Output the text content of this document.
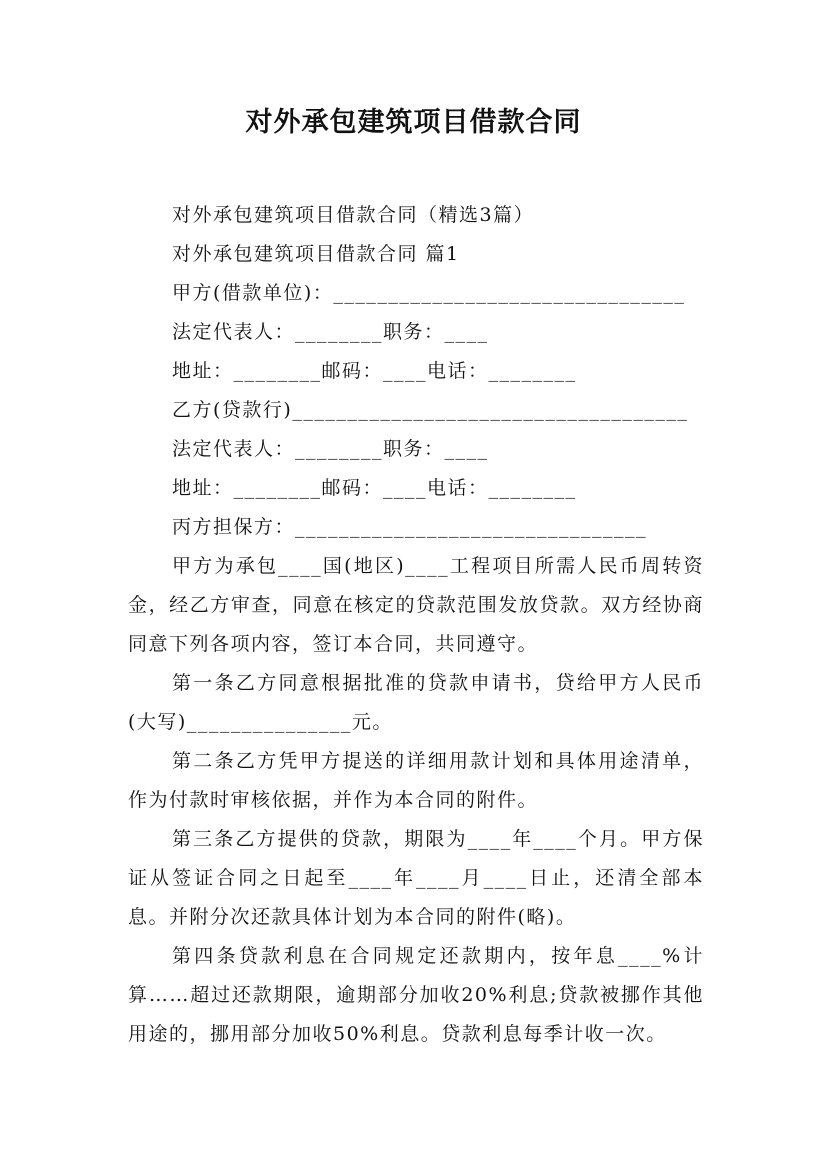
对外承包建筑项目借款合同
对外承包建筑项目借款合同（精选3篇）
对外承包建筑项目借款合同 篇1
甲方(借款单位)：________________________________
法定代表人：________职务：____
地址：________邮码：____电话：________
乙方(贷款行)____________________________________
法定代表人：________职务：____
地址：________邮码：____电话：________
丙方担保方：________________________________
甲方为承包____国(地区)____工程项目所需人民币周转资金，经乙方审查，同意在核定的贷款范围发放贷款。双方经协商同意下列各项内容，签订本合同，共同遵守。
第一条乙方同意根据批准的贷款申请书，贷给甲方人民币(大写)_______________元。
第二条乙方凭甲方提送的详细用款计划和具体用途清单，作为付款时审核依据，并作为本合同的附件。
第三条乙方提供的贷款，期限为____年____个月。甲方保证从签证合同之日起至____年____月____日止，还清全部本息。并附分次还款具体计划为本合同的附件(略)。
第四条贷款利息在合同规定还款期内，按年息____%计算……超过还款期限，逾期部分加收20%利息;贷款被挪作其他用途的，挪用部分加收50%利息。贷款利息每季计收一次。
